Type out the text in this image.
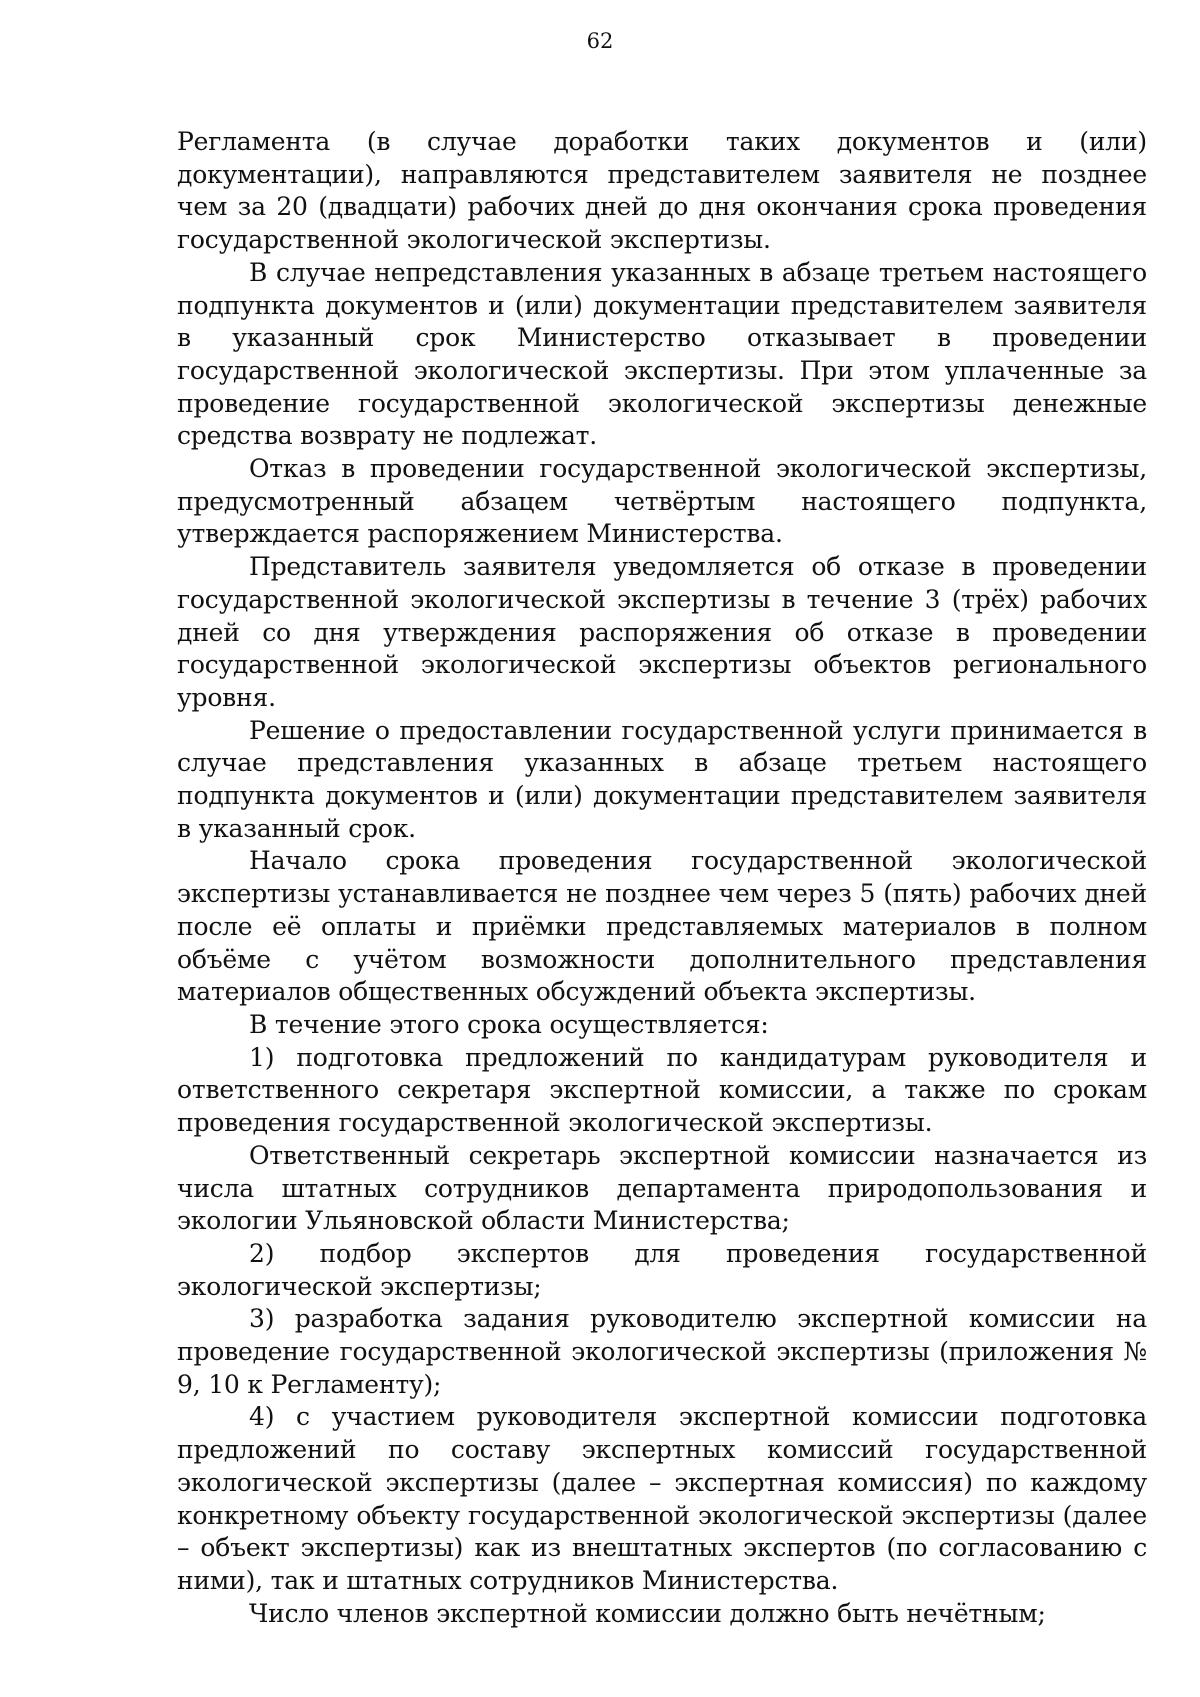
62

Регламента (в случае доработки таких документов и (или) документации), направляются представителем заявителя не позднее чем за 20 (двадцати) рабочих дней до дня окончания срока проведения государственной экологической экспертизы.

В случае непредставления указанных в абзаце третьем настоящего подпункта документов и (или) документации представителем заявителя в указанный срок Министерство отказывает в проведении государственной экологической экспертизы. При этом уплаченные за проведение государственной экологической экспертизы денежные средства возврату не подлежат.

Отказ в проведении государственной экологической экспертизы, предусмотренный абзацем четвёртым настоящего подпункта, утверждается распоряжением Министерства.

Представитель заявителя уведомляется об отказе в проведении государственной экологической экспертизы в течение 3 (трёх) рабочих дней со дня утверждения распоряжения об отказе в проведении государственной экологической экспертизы объектов регионального уровня.

Решение о предоставлении государственной услуги принимается в случае представления указанных в абзаце третьем настоящего подпункта документов и (или) документации представителем заявителя в указанный срок.

Начало срока проведения государственной экологической экспертизы устанавливается не позднее чем через 5 (пять) рабочих дней после её оплаты и приёмки представляемых материалов в полном объёме с учётом возможности дополнительного представления материалов общественных обсуждений объекта экспертизы.

В течение этого срока осуществляется:

1) подготовка предложений по кандидатурам руководителя и ответственного секретаря экспертной комиссии, а также по срокам проведения государственной экологической экспертизы.

Ответственный секретарь экспертной комиссии назначается из числа штатных сотрудников департамента природопользования и экологии Ульяновской области Министерства;

2) подбор экспертов для проведения государственной экологической экспертизы;

3) разработка задания руководителю экспертной комиссии на проведение государственной экологической экспертизы (приложения № 9, 10 к Регламенту);

4) с участием руководителя экспертной комиссии подготовка предложений по составу экспертных комиссий государственной экологической экспертизы (далее – экспертная комиссия) по каждому конкретному объекту государственной экологической экспертизы (далее – объект экспертизы) как из внештатных экспертов (по согласованию с ними), так и штатных сотрудников Министерства.

Число членов экспертной комиссии должно быть нечётным;
